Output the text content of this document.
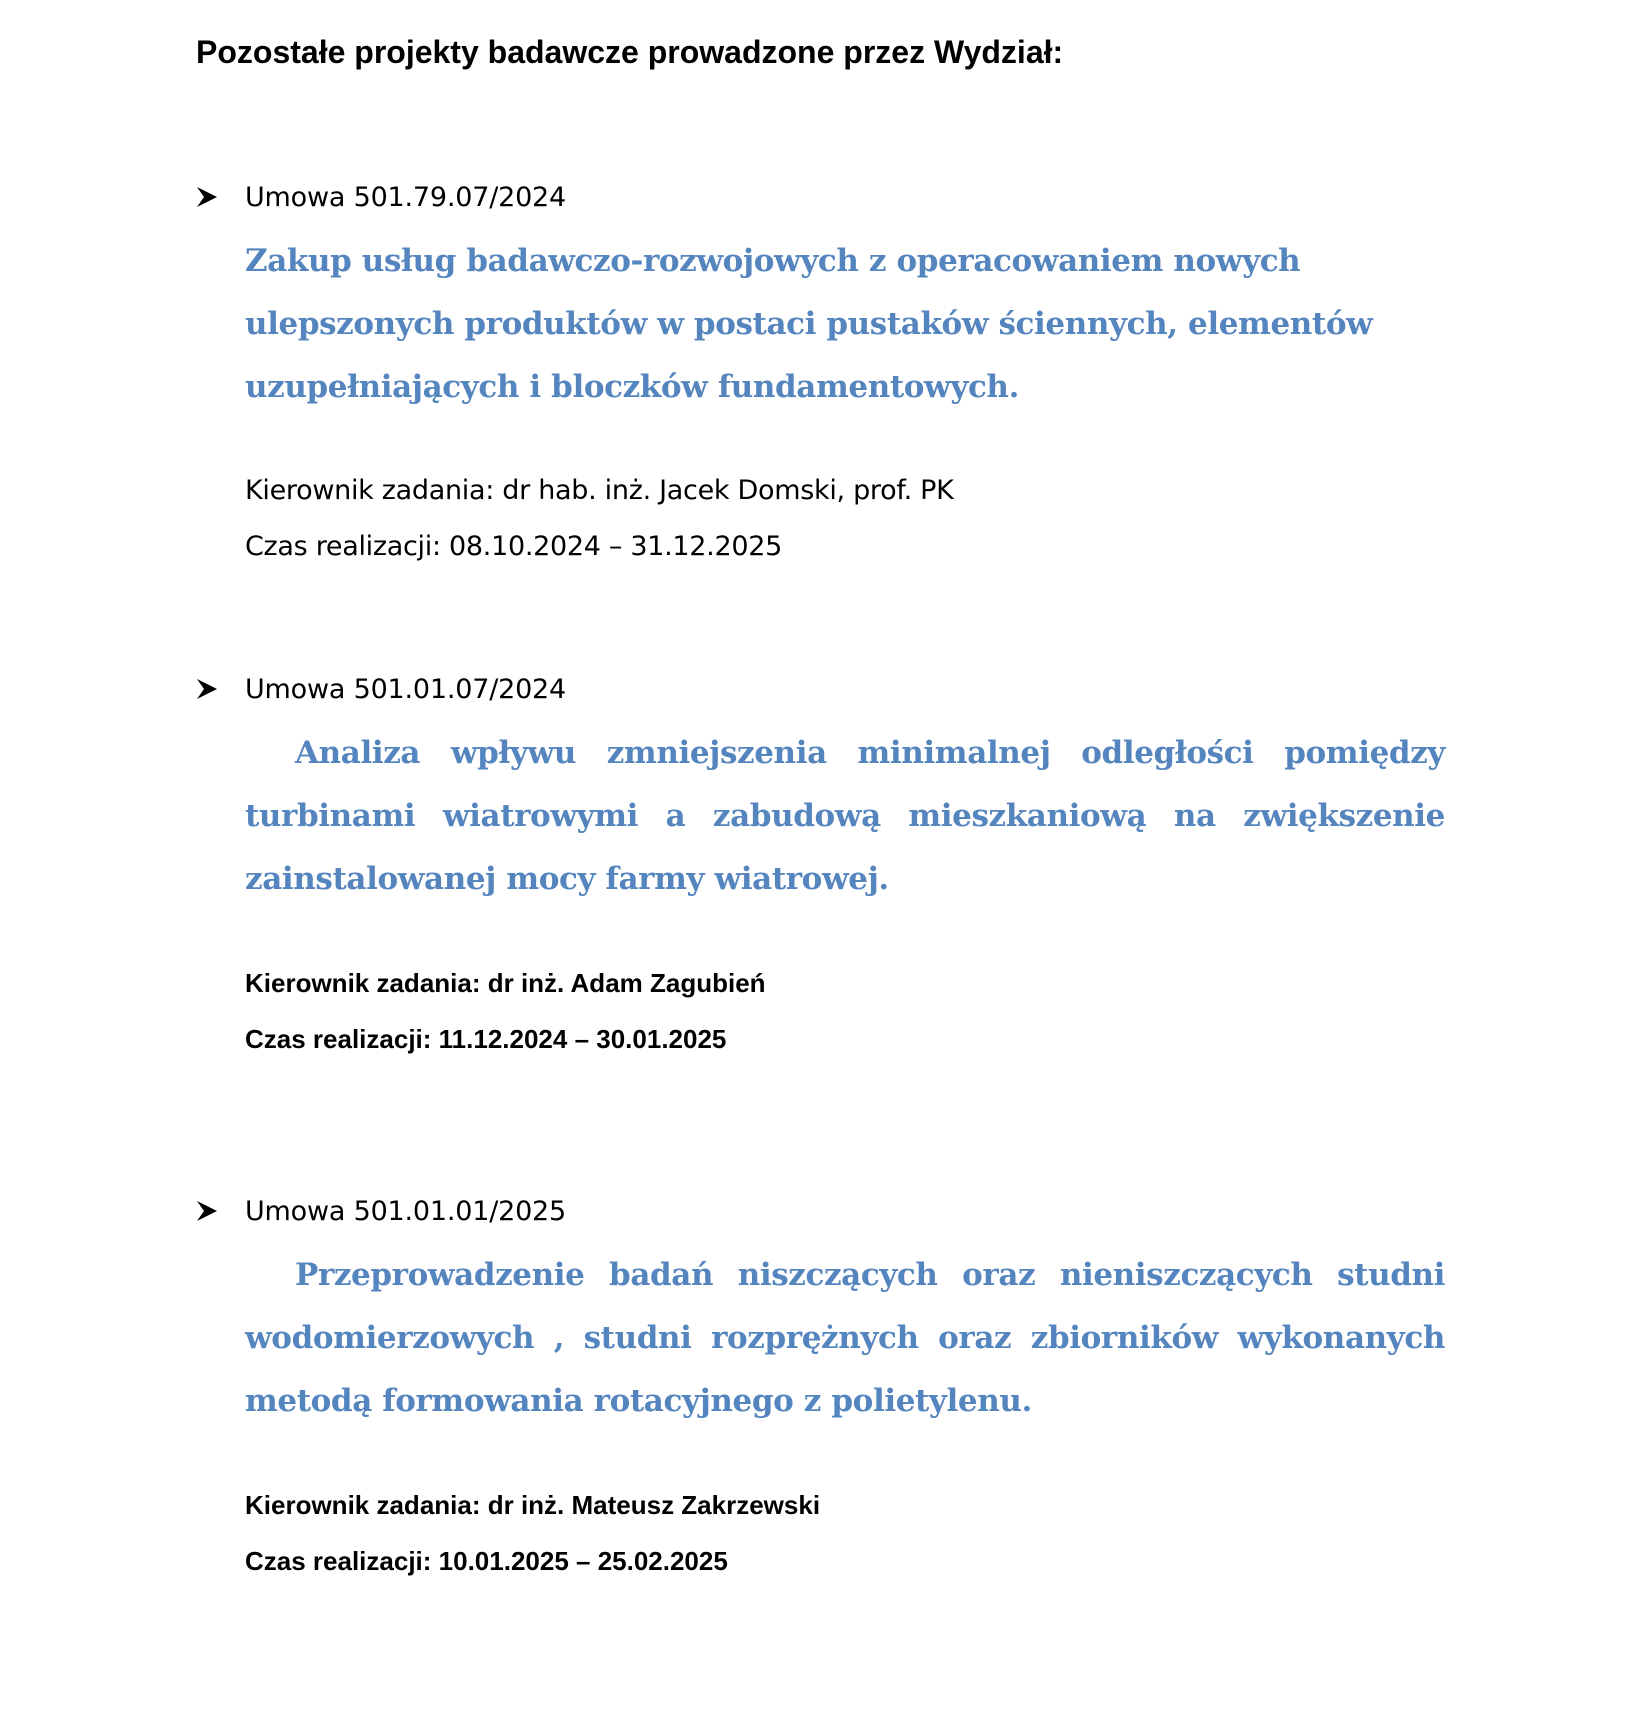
Pozostałe projekty badawcze prowadzone przez Wydział:
Umowa 501.79.07/2024
Zakup usług badawczo-rozwojowych z operacowaniem nowych ulepszonych produktów w postaci pustaków ściennych, elementów uzupełniających i bloczków fundamentowych.
Kierownik zadania: dr hab. inż. Jacek Domski, prof. PK
Czas realizacji: 08.10.2024 – 31.12.2025
Umowa 501.01.07/2024
Analiza wpływu zmniejszenia minimalnej odległości pomiędzy turbinami wiatrowymi a zabudową mieszkaniową na zwiększenie zainstalowanej mocy farmy wiatrowej.
Kierownik zadania: dr inż. Adam Zagubień
Czas realizacji: 11.12.2024 – 30.01.2025
Umowa 501.01.01/2025
Przeprowadzenie badań niszczących oraz nieniszczących studni wodomierzowych , studni rozprężnych oraz zbiorników wykonanych metodą formowania rotacyjnego z polietylenu.
Kierownik zadania: dr inż. Mateusz Zakrzewski
Czas realizacji: 10.01.2025 – 25.02.2025
